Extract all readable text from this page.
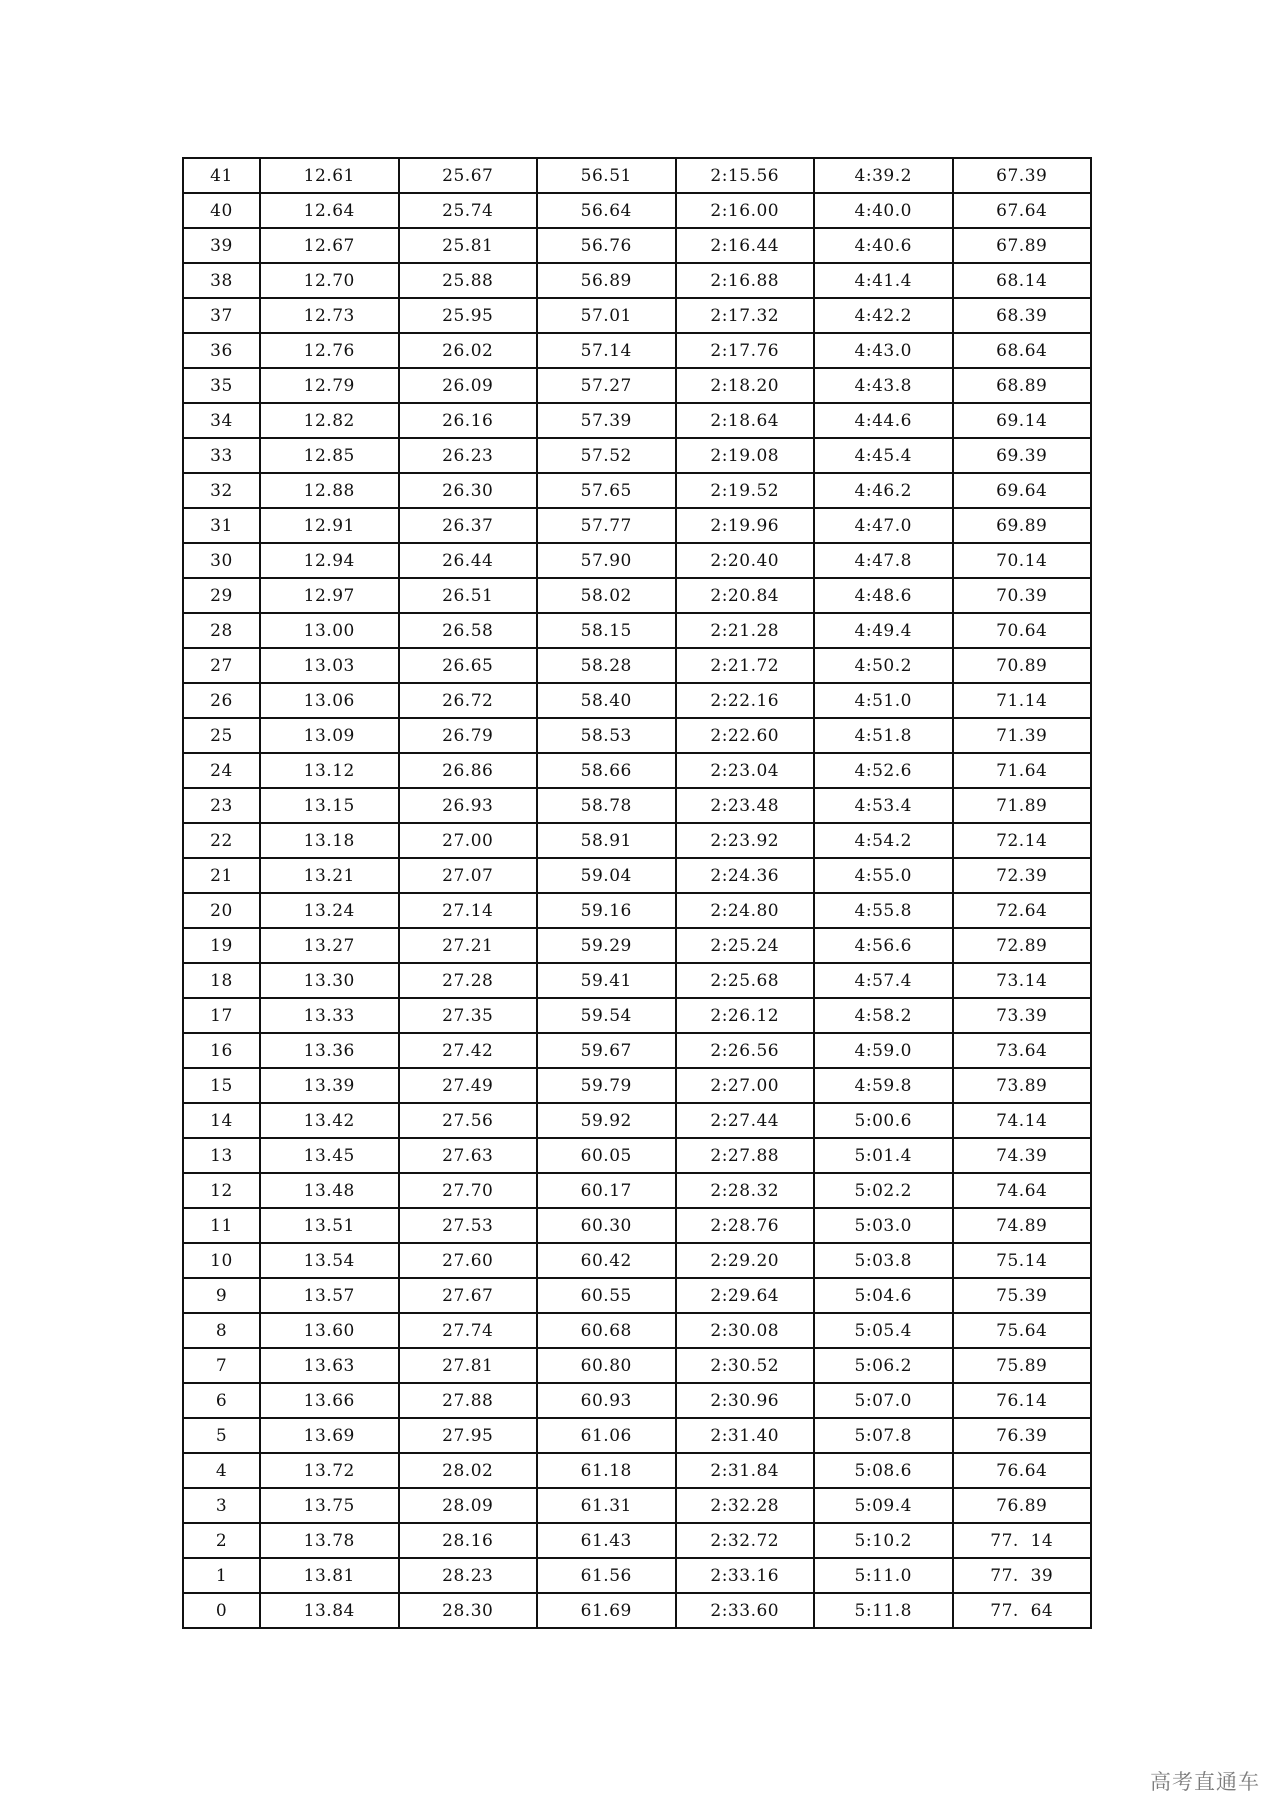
41	12.61	25.67	56.51	2:15.56	4:39.2	67.39
40	12.64	25.74	56.64	2:16.00	4:40.0	67.64
39	12.67	25.81	56.76	2:16.44	4:40.6	67.89
38	12.70	25.88	56.89	2:16.88	4:41.4	68.14
37	12.73	25.95	57.01	2:17.32	4:42.2	68.39
36	12.76	26.02	57.14	2:17.76	4:43.0	68.64
35	12.79	26.09	57.27	2:18.20	4:43.8	68.89
34	12.82	26.16	57.39	2:18.64	4:44.6	69.14
33	12.85	26.23	57.52	2:19.08	4:45.4	69.39
32	12.88	26.30	57.65	2:19.52	4:46.2	69.64
31	12.91	26.37	57.77	2:19.96	4:47.0	69.89
30	12.94	26.44	57.90	2:20.40	4:47.8	70.14
29	12.97	26.51	58.02	2:20.84	4:48.6	70.39
28	13.00	26.58	58.15	2:21.28	4:49.4	70.64
27	13.03	26.65	58.28	2:21.72	4:50.2	70.89
26	13.06	26.72	58.40	2:22.16	4:51.0	71.14
25	13.09	26.79	58.53	2:22.60	4:51.8	71.39
24	13.12	26.86	58.66	2:23.04	4:52.6	71.64
23	13.15	26.93	58.78	2:23.48	4:53.4	71.89
22	13.18	27.00	58.91	2:23.92	4:54.2	72.14
21	13.21	27.07	59.04	2:24.36	4:55.0	72.39
20	13.24	27.14	59.16	2:24.80	4:55.8	72.64
19	13.27	27.21	59.29	2:25.24	4:56.6	72.89
18	13.30	27.28	59.41	2:25.68	4:57.4	73.14
17	13.33	27.35	59.54	2:26.12	4:58.2	73.39
16	13.36	27.42	59.67	2:26.56	4:59.0	73.64
15	13.39	27.49	59.79	2:27.00	4:59.8	73.89
14	13.42	27.56	59.92	2:27.44	5:00.6	74.14
13	13.45	27.63	60.05	2:27.88	5:01.4	74.39
12	13.48	27.70	60.17	2:28.32	5:02.2	74.64
11	13.51	27.53	60.30	2:28.76	5:03.0	74.89
10	13.54	27.60	60.42	2:29.20	5:03.8	75.14
9	13.57	27.67	60.55	2:29.64	5:04.6	75.39
8	13.60	27.74	60.68	2:30.08	5:05.4	75.64
7	13.63	27.81	60.80	2:30.52	5:06.2	75.89
6	13.66	27.88	60.93	2:30.96	5:07.0	76.14
5	13.69	27.95	61.06	2:31.40	5:07.8	76.39
4	13.72	28.02	61.18	2:31.84	5:08.6	76.64
3	13.75	28.09	61.31	2:32.28	5:09.4	76.89
2	13.78	28.16	61.43	2:32.72	5:10.2	77.  14
1	13.81	28.23	61.56	2:33.16	5:11.0	77.  39
0	13.84	28.30	61.69	2:33.60	5:11.8	77.  64
高考直通车
